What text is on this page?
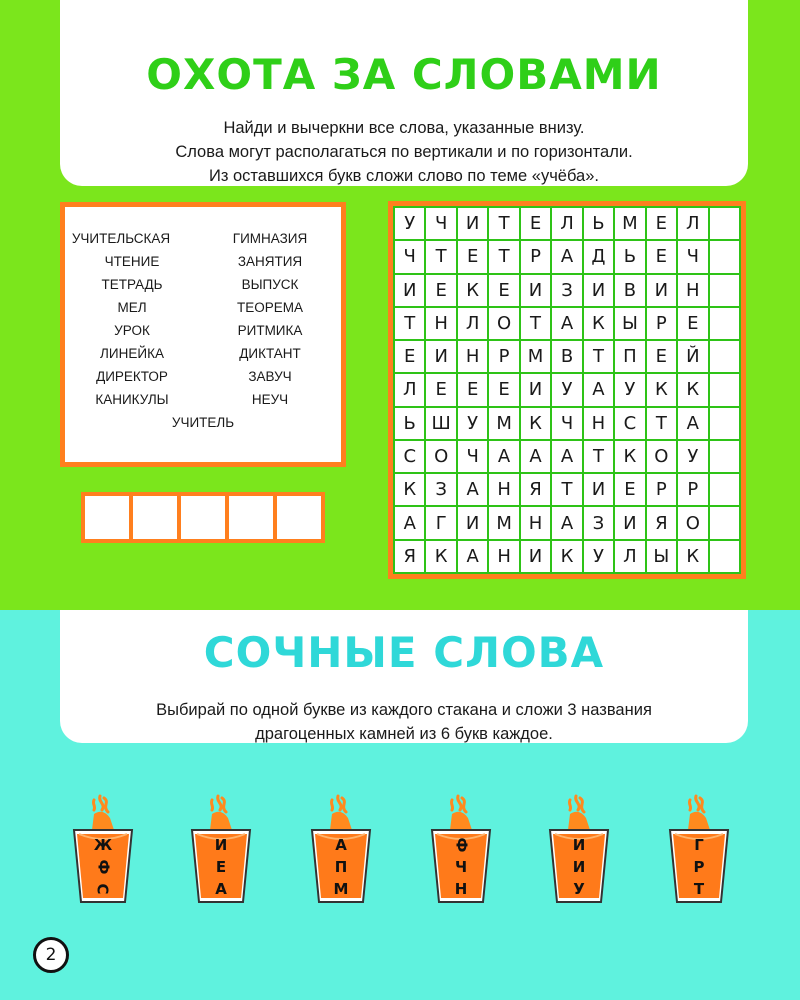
ОХОТА ЗА СЛОВАМИ
Найди и вычеркни все слова, указанные внизу.
Слова могут располагаться по вертикали и по горизонтали.
Из оставшихся букв сложи слово по теме «учёба».
УЧИТЕЛЬСКАЯ	ГИМНАЗИЯ
ЧТЕНИЕ	ЗАНЯТИЯ
ТЕТРАДЬ	ВЫПУСК
МЕЛ	ТЕОРЕМА
УРОК	РИТМИКА
ЛИНЕЙКА	ДИКТАНТ
ДИРЕКТОР	ЗАВУЧ
КАНИКУЛЫ	НЕУЧ
УЧИТЕЛЬ
У	Ч	И	Т	Е	Л	Ь М	Е	Л
Ч	Т	Е	Т	Р	А	Д	Ь	Е	Ч
И	Е	К	Е	И	З	И	В	И Н
Т	Н Л О	Т	А	К Ы	Р	Е
Е	И Н	Р	М В	Т	П	Е	Й
Л	Е	Е	Е	И	У	А	У	К	К
Ь Ш У	М К	Ч	Н	С	Т	А
С	О	Ч	А	А	А	Т	К О	У
К	З	А	Н	Я	Т	И	Е	Р	Р
А	Г	И М Н	А	З	И	Я	О
Я	К	А	Н И	К	У	Л Ы К
СОЧНЫЕ СЛОВА
Выбирай по одной букве из каждого стакана и сложи 3 названия
драгоценных камней из 6 букв каждое.
Ж
Ф
С
И
Е
А
А
П
М
Ф
Ч
Н
И
И
У
Г
Р
Т
2
